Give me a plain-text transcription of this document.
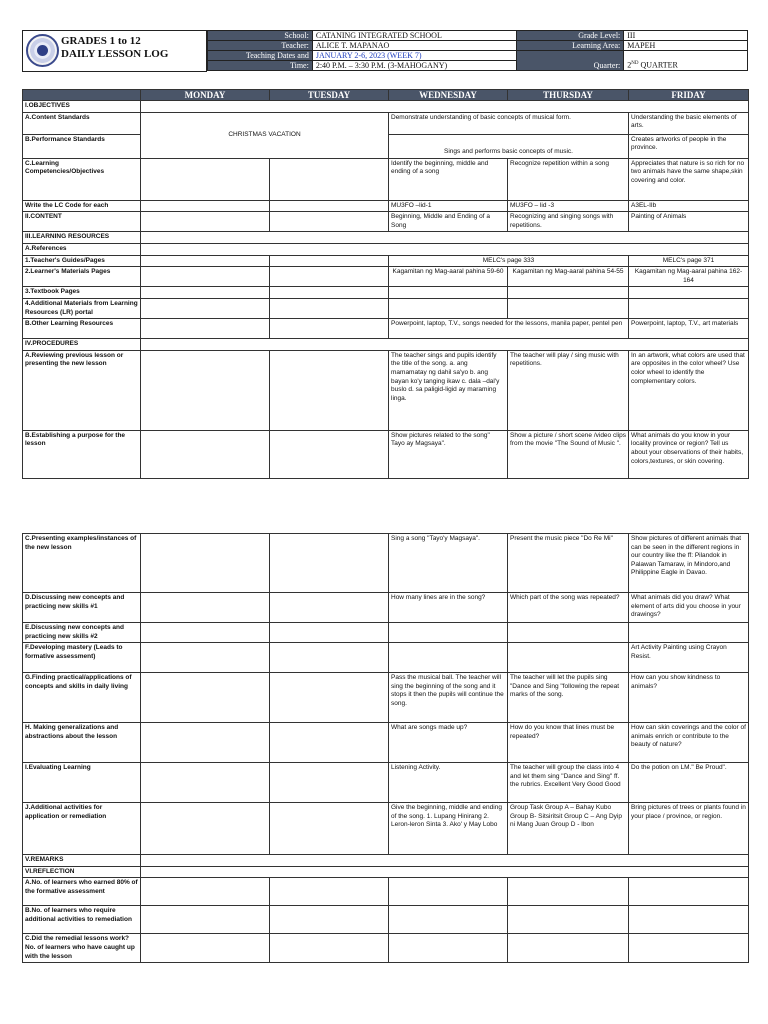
GRADES 1 to 12
DAILY LESSON LOG
School:	CATANING INTEGRATED SCHOOL	Grade Level:	III
Teacher:	ALICE T. MAPANAO	Learning Area:	MAPEH
Teaching Dates and	JANUARY 2-6, 2023 (WEEK 7)	Quarter:	2ND QUARTER
Time:	2:40 P.M. – 3:30 P.M. (3-MAHOGANY)		
	MONDAY	TUESDAY	WEDNESDAY	THURSDAY	FRIDAY
I.OBJECTIVES					
A.Content Standards	CHRISTMAS VACATION		Demonstrate understanding of basic concepts of musical form.		Understanding the basic elements of arts.
B.Performance Standards			Sings and performs basic concepts of music.		Creates artworks of people in the province.
C.Learning Competencies/Objectives			Identify the beginning, middle and ending of a song	Recognize repetition within a song	Appreciates that nature is so rich for no two animals have the same shape,skin covering and color.
Write the LC Code for each			MU3FO –lid-1	MU3FO – lid -3	A3EL-IIb
II.CONTENT			Beginning, Middle and Ending of a Song	Recognizing and singing songs with repetitions.	Painting of Animals
III.LEARNING RESOURCES					
A.References					
1.Teacher's Guides/Pages			MELC's page 333		MELC's page 371
2.Learner's Materials Pages			Kagamitan ng Mag-aaral pahina 59-60	Kagamitan ng Mag-aaral pahina 54-55	Kagamitan ng Mag-aaral pahina 162-164
3.Textbook Pages					
4.Additional Materials from Learning Resources (LR) portal					
B.Other Learning Resources			Powerpoint, laptop, T.V., songs needed for the lessons, manila paper, pentel pen		Powerpoint, laptop, T.V., art materials
IV.PROCEDURES					
A.Reviewing previous lesson or presenting the new lesson			The teacher sings and pupils identify the title of the song. a. ang mamamatay ng dahil sa'yo b. ang bayan ko'y tanging ikaw c. dala –dal'y buslo d. sa paligid-ligid ay maraming linga.	The teacher will play / sing music with repetitions.	In an artwork, what colors are used that are opposites in the color wheel? Use color wheel to identify the complementary colors.
B.Establishing a purpose for the lesson			Show pictures related to the song" Tayo ay Magsaya".	Show a picture / short scene /video clips from the movie "The Sound of Music ".	What animals do you know in your locality province or region? Tell us about your observations of their habits, colors,textures, or skin covering.
C.Presenting examples/instances of the new lesson			Sing a song "Tayo'y Magsaya".	Present the music piece "Do Re Mi"	Show pictures of different animals that can be seen in the different regions in our country like the ff: Pilandok in Palawan Tamaraw, in Mindoro,and Philippine Eagle in Davao.
D.Discussing new concepts and practicing new skills #1			How many lines are in the song?	Which part of the song was repeated?	What animals did you draw? What element of arts did you choose in your drawings?
E.Discussing new concepts and practicing new skills #2					
F.Developing mastery (Leads to formative assessment)					Art Activity Painting using Crayon Resist.
G.Finding practical/applications of concepts and skills in daily living			Pass the musical ball. The teacher will sing the beginning of the song and it stops it then the pupils will continue the song.	The teacher will let the pupils sing "Dance and Sing "following the repeat marks of the song.	How can you show kindness to animals?
H. Making generalizations and abstractions about the lesson			What are songs made up?	How do you know that lines must be repeated?	How can skin coverings and the color of animals enrich or contribute to the beauty of nature?
I.Evaluating Learning			Listening Activity.	The teacher will group the class into 4 and let them sing "Dance and Sing" ff. the rubrics. Excellent Very Good Good	Do the potion on LM." Be Proud".
J.Additional activities for application or remediation			Give the beginning, middle and ending of the song. 1. Lupang Hinirang 2. Leron-leron Sinta 3. Ako' y May Lobo	Group Task Group A – Bahay Kubo Group B- Sitsiritsit Group C – Ang Dyip ni Mang Juan Group D - Ibon	Bring pictures of trees or plants found in your place / province, or region.
V.REMARKS					
VI.REFLECTION					
A.No. of learners who earned 80% of the formative assessment					
B.No. of learners who require additional activities to remediation					
C.Did the remedial lessons work?No. of learners who have caught up with the lesson					
